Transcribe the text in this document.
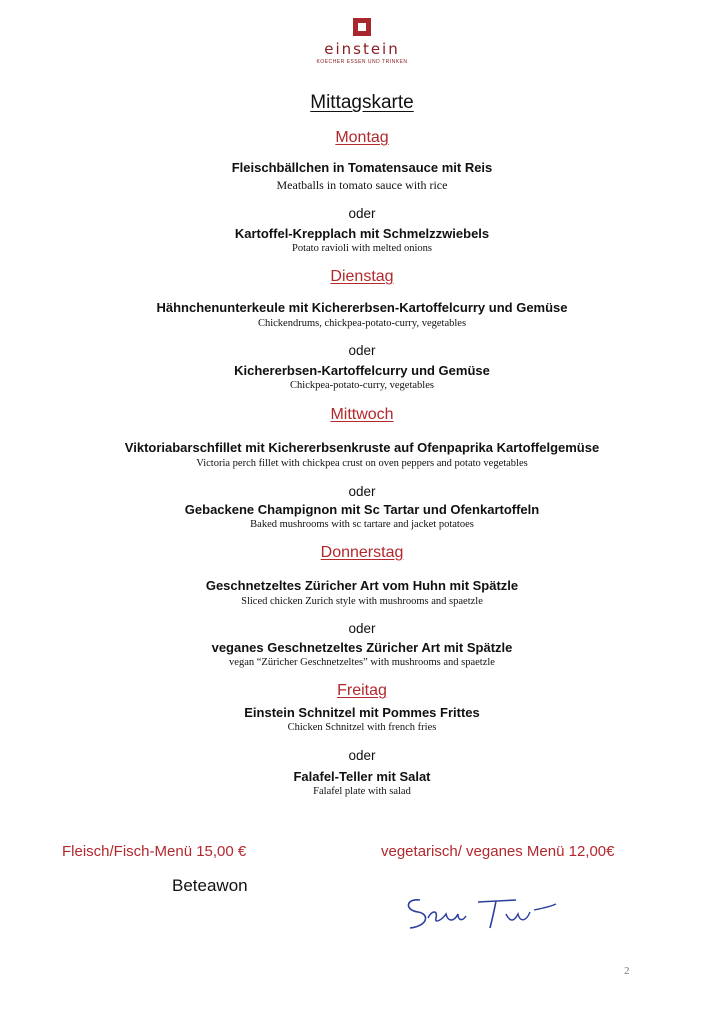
einstein
KOECHER ESSEN UND TRINKEN
Mittagskarte
Montag
Fleischbällchen in Tomatensauce mit Reis
Meatballs in tomato sauce with rice
oder
Kartoffel-Krepplach mit Schmelzzwiebels
Potato ravioli with melted onions
Dienstag
Hähnchenunterkeule mit Kichererbsen-Kartoffelcurry und Gemüse
Chickendrums, chickpea-potato-curry, vegetables
oder
Kichererbsen-Kartoffelcurry und Gemüse
Chickpea-potato-curry, vegetables
Mittwoch
Viktoriabarschfillet mit Kichererbsenkruste auf Ofenpaprika Kartoffelgemüse
Victoria perch fillet with chickpea crust on oven peppers and potato vegetables
oder
Gebackene Champignon mit Sc Tartar und Ofenkartoffeln
Baked mushrooms with sc tartare and jacket potatoes
Donnerstag
Geschnetzeltes Züricher Art vom Huhn mit Spätzle
Sliced chicken Zurich style with mushrooms and spaetzle
oder
veganes Geschnetzeltes Züricher Art mit Spätzle
vegan “Züricher Geschnetzeltes” with mushrooms and spaetzle
Freitag
Einstein Schnitzel mit Pommes Frittes
Chicken Schnitzel with french fries
oder
Falafel-Teller mit Salat
Falafel plate with salad
Fleisch/Fisch-Menü 15,00 €	vegetarisch/ veganes Menü 12,00€
Beteawon
2
